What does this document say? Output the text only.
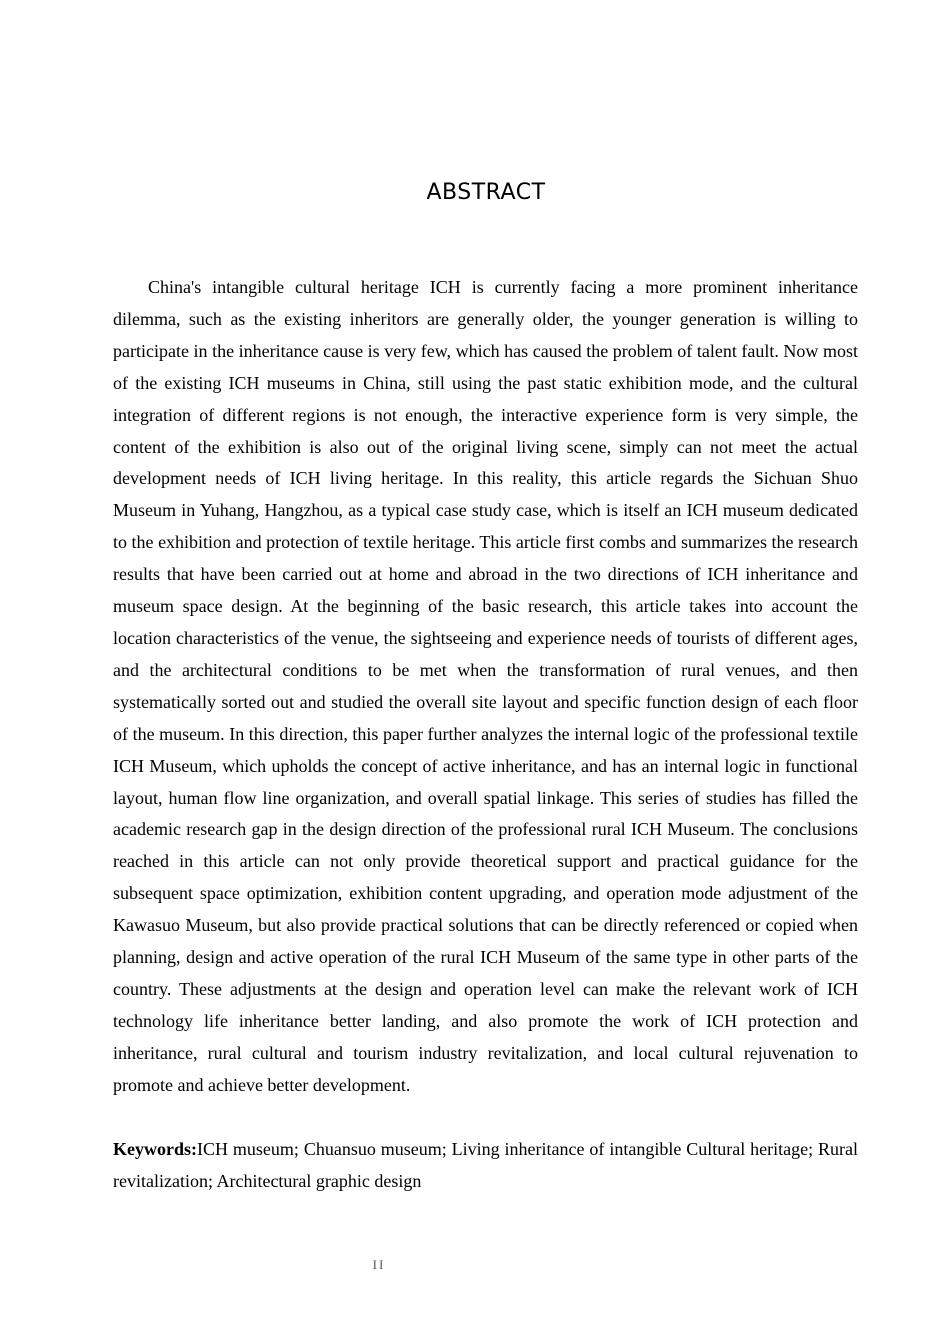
ABSTRACT

China's intangible cultural heritage ICH is currently facing a more prominent inheritance dilemma, such as the existing inheritors are generally older, the younger generation is willing to participate in the inheritance cause is very few, which has caused the problem of talent fault. Now most of the existing ICH museums in China, still using the past static exhibition mode, and the cultural integration of different regions is not enough, the interactive experience form is very simple, the content of the exhibition is also out of the original living scene, simply can not meet the actual development needs of ICH living heritage. In this reality, this article regards the Sichuan Shuo Museum in Yuhang, Hangzhou, as a typical case study case, which is itself an ICH museum dedicated to the exhibition and protection of textile heritage. This article first combs and summarizes the research results that have been carried out at home and abroad in the two directions of ICH inheritance and museum space design. At the beginning of the basic research, this article takes into account the location characteristics of the venue, the sightseeing and experience needs of tourists of different ages, and the architectural conditions to be met when the transformation of rural venues, and then systematically sorted out and studied the overall site layout and specific function design of each floor of the museum. In this direction, this paper further analyzes the internal logic of the professional textile ICH Museum, which upholds the concept of active inheritance, and has an internal logic in functional layout, human flow line organization, and overall spatial linkage. This series of studies has filled the academic research gap in the design direction of the professional rural ICH Museum. The conclusions reached in this article can not only provide theoretical support and practical guidance for the subsequent space optimization, exhibition content upgrading, and operation mode adjustment of the Kawasuo Museum, but also provide practical solutions that can be directly referenced or copied when planning, design and active operation of the rural ICH Museum of the same type in other parts of the country. These adjustments at the design and operation level can make the relevant work of ICH technology life inheritance better landing, and also promote the work of ICH protection and inheritance, rural cultural and tourism industry revitalization, and local cultural rejuvenation to promote and achieve better development.

Keywords:ICH museum; Chuansuo museum; Living inheritance of intangible Cultural heritage; Rural revitalization; Architectural graphic design

II
